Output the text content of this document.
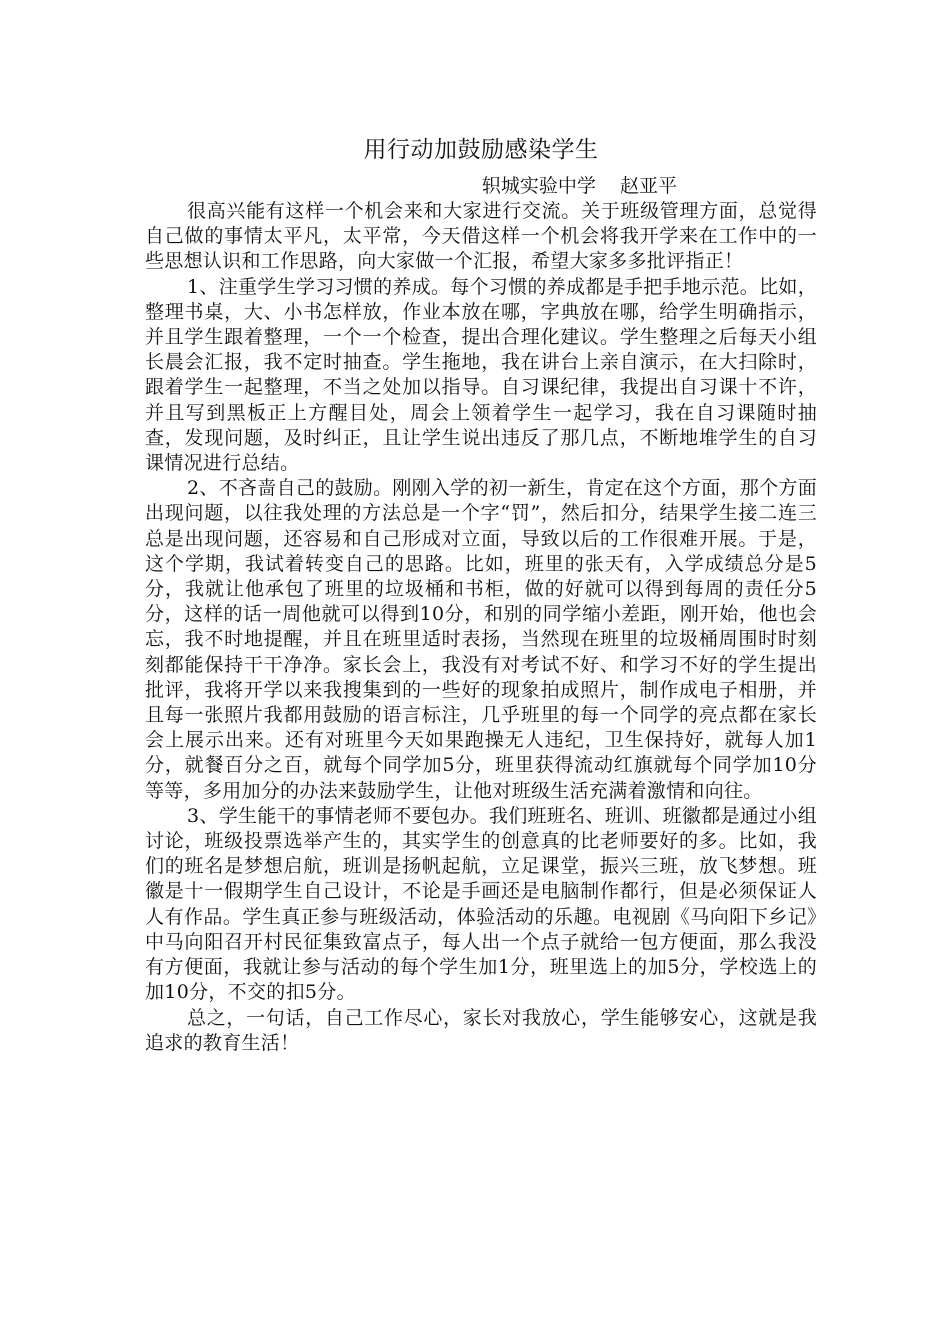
用行动加鼓励感染学生

轵城实验中学    赵亚平

很高兴能有这样一个机会来和大家进行交流。关于班级管理方面，总觉得自己做的事情太平凡，太平常，今天借这样一个机会将我开学来在工作中的一些思想认识和工作思路，向大家做一个汇报，希望大家多多批评指正！

1、注重学生学习习惯的养成。每个习惯的养成都是手把手地示范。比如，整理书桌，大、小书怎样放，作业本放在哪，字典放在哪，给学生明确指示，并且学生跟着整理，一个一个检查，提出合理化建议。学生整理之后每天小组长晨会汇报，我不定时抽查。学生拖地，我在讲台上亲自演示，在大扫除时，跟着学生一起整理，不当之处加以指导。自习课纪律，我提出自习课十不许，并且写到黑板正上方醒目处，周会上领着学生一起学习，我在自习课随时抽查，发现问题，及时纠正，且让学生说出违反了那几点，不断地堆学生的自习课情况进行总结。

2、不吝啬自己的鼓励。刚刚入学的初一新生，肯定在这个方面，那个方面出现问题，以往我处理的方法总是一个字“罚”，然后扣分，结果学生接二连三总是出现问题，还容易和自己形成对立面，导致以后的工作很难开展。于是，这个学期，我试着转变自己的思路。比如，班里的张天有，入学成绩总分是5分，我就让他承包了班里的垃圾桶和书柜，做的好就可以得到每周的责任分5分，这样的话一周他就可以得到10分，和别的同学缩小差距，刚开始，他也会忘，我不时地提醒，并且在班里适时表扬，当然现在班里的垃圾桶周围时时刻刻都能保持干干净净。家长会上，我没有对考试不好、和学习不好的学生提出批评，我将开学以来我搜集到的一些好的现象拍成照片，制作成电子相册，并且每一张照片我都用鼓励的语言标注，几乎班里的每一个同学的亮点都在家长会上展示出来。还有对班里今天如果跑操无人违纪，卫生保持好，就每人加1分，就餐百分之百，就每个同学加5分，班里获得流动红旗就每个同学加10分等等，多用加分的办法来鼓励学生，让他对班级生活充满着激情和向往。

3、学生能干的事情老师不要包办。我们班班名、班训、班徽都是通过小组讨论，班级投票选举产生的，其实学生的创意真的比老师要好的多。比如，我们的班名是梦想启航，班训是扬帆起航，立足课堂，振兴三班，放飞梦想。班徽是十一假期学生自己设计，不论是手画还是电脑制作都行，但是必须保证人人有作品。学生真正参与班级活动，体验活动的乐趣。电视剧《马向阳下乡记》中马向阳召开村民征集致富点子，每人出一个点子就给一包方便面，那么我没有方便面，我就让参与活动的每个学生加1分，班里选上的加5分，学校选上的加10分，不交的扣5分。

总之，一句话，自己工作尽心，家长对我放心，学生能够安心，这就是我追求的教育生活！
